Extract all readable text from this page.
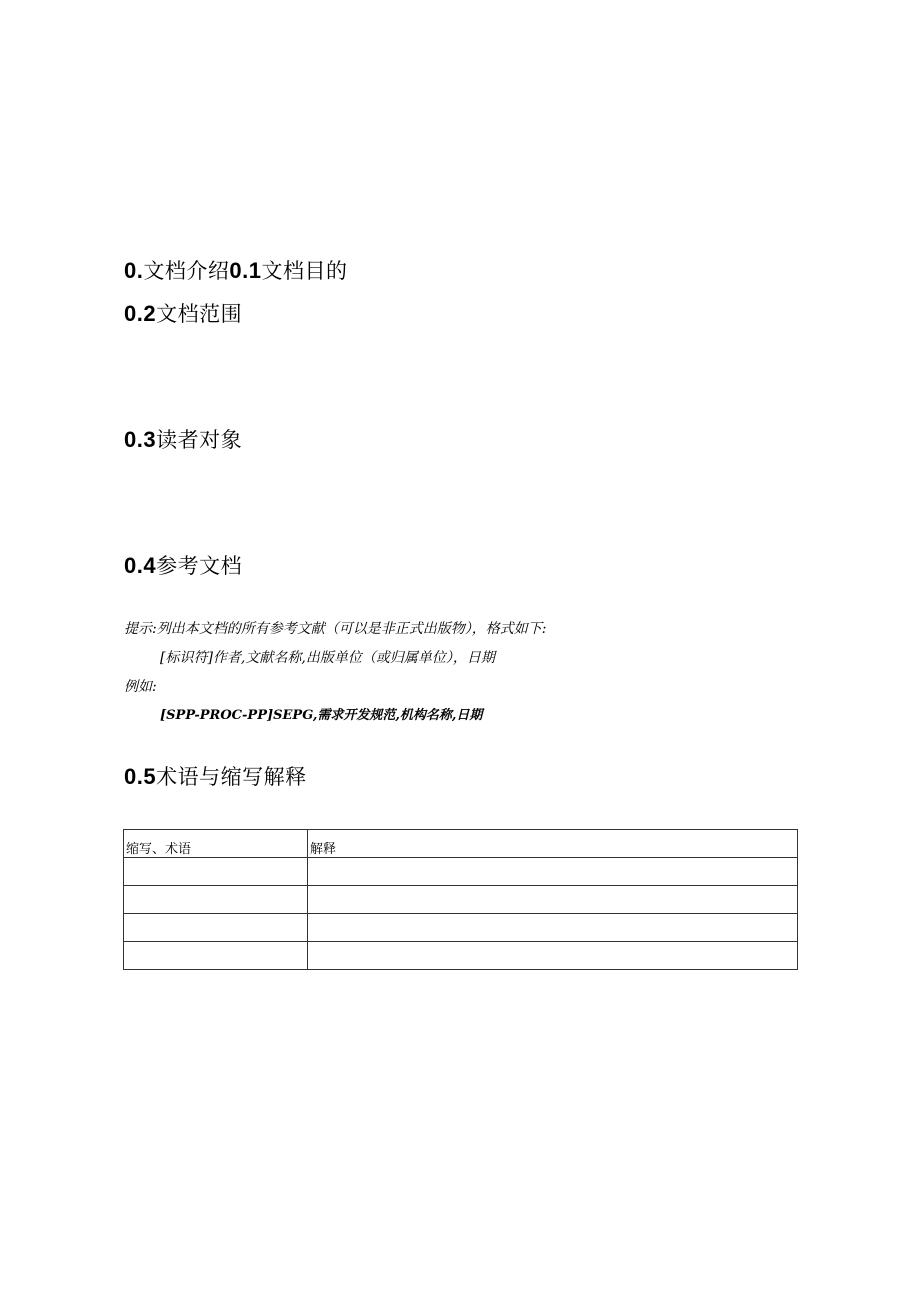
0.文档介绍0.1文档目的
0.2文档范围
0.3读者对象
0.4参考文档
提示:列出本文档的所有参考文献（可以是非正式出版物），格式如下:
[标识符]作者,文献名称,出版单位（或归属单位），日期
例如:
[SPP-PROC-PP]SEPG,需求开发规范,机构名称,日期
0.5术语与缩写解释
缩写、术语	解释
